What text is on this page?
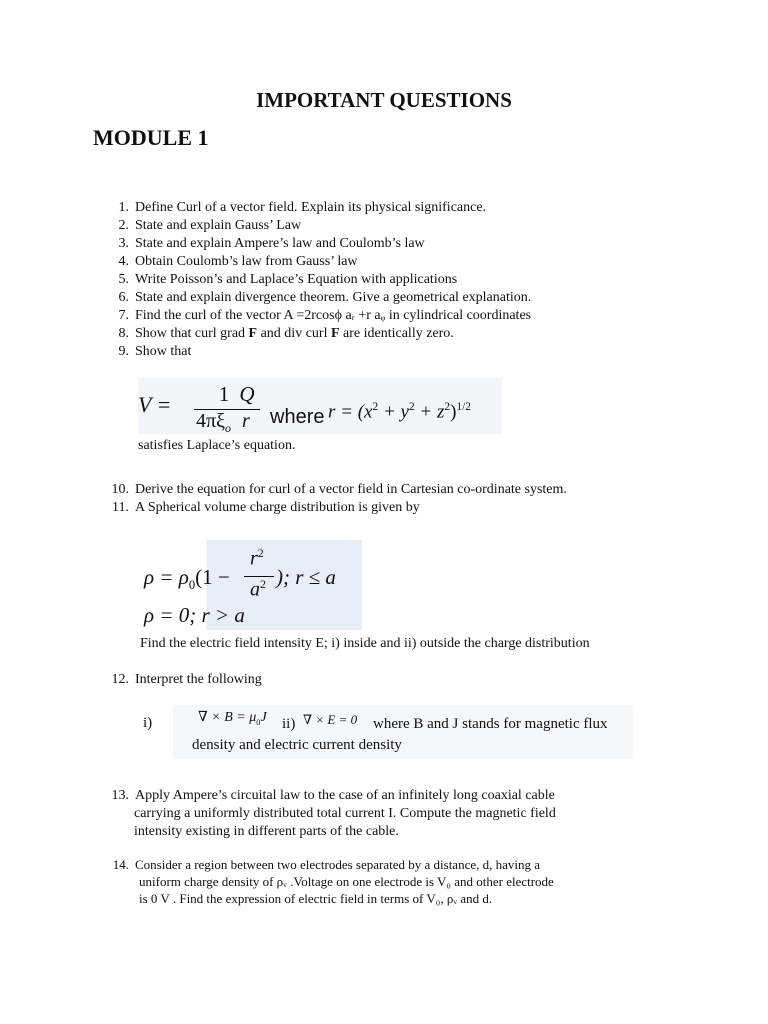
IMPORTANT QUESTIONS
MODULE 1
1. Define Curl of a vector field. Explain its physical significance.
2. State and explain Gauss’ Law
3. State and explain Ampere’s law and Coulomb’s law
4. Obtain Coulomb’s law from Gauss’ law
5. Write Poisson’s and Laplace’s Equation with applications
6. State and explain divergence theorem. Give a geometrical explanation.
7. Find the curl of the vector A =2rcosϕ aᵣ +r aᵩ in cylindrical coordinates
8. Show that curl grad F and div curl F are identically zero.
9. Show that
V =	1
$4\pi\xi_o$
Q
r where $r = (x^2 + y^2 + z^2)^{1/2}$
satisfies Laplace’s equation.
10. Derive the equation for curl of a vector field in Cartesian co-ordinate system.
11. A Spherical volume charge distribution is given by
$\rho = \rho_0(1$ −
$r^2$
$a^2$ ); r ≤ a
ρ = 0; r > a
Find the electric field intensity E; i) inside and ii) outside the charge distribution
12. Interpret the following
i)	∇ × $B = \mu_0J$ ii) ∇ × E = 0 where B and J stands for magnetic flux
density and electric current density
13. Apply Ampere’s circuital law to the case of an infinitely long coaxial cable
carrying a uniformly distributed total current I. Compute the magnetic field
intensity existing in different parts of the cable.
14. Consider a region between two electrodes separated by a distance, d, having a
uniform charge density of ρᵥ .Voltage on one electrode is V₀ and other electrode
is 0 V . Find the expression of electric field in terms of V₀, ρᵥ and d.
